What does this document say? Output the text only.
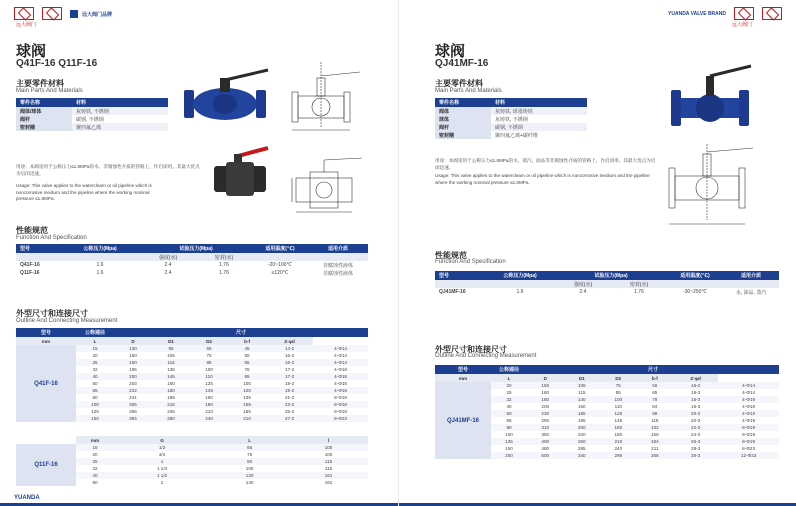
远大阀门
远大阀门品牌
球阀
Q41F-16 Q11F-16
主要零件材料
Main Parts And Materials
零件名称	材料
阀体/球体	灰铸铁, 不锈钢
阀杆	碳钢, 不锈钢
密封圈	聚四氟乙烯
用途：本阀适用于公称压力≤1.6MPa的水、非腐蚀性介质的管路上，作启闭用。其最大优点为启闭迅速。
Usage: This valve applies to the watercleam or oil pipeline which is noncorrosive medium and the pipeline where the working nominal pressure ≤1.6MPa.
性能规范
Function And Specification
型号	公称压力(Mpa)	试验压力(Mpa)		适用温度(℃)	适用介质
		强度(水)	密封(水)		
Q41F-16	1.6	2.4	1.76	-20~100℃	非腐蚀性液体
Q11F-16	1.6	2.4	1.76	≤120℃	非腐蚀性液体
外型尺寸和连接尺寸
Outline And Connecting Measurement
型号	公称通径	尺寸					
mm	L	D	D1	D2	b-f	Z-φd	
Q41F-16	15	130	95	65	45	14-2	4-Φ14
	20	150	105	75	55	16-2	4-Φ14
	25	160	115	85	65	16-2	4-Φ14
	32	165	135	100	78	17-2	4-Φ18
	40	200	145	110	85	17-2	4-Φ18
	50	203	160	125	100	19-2	4-Φ18
	65	222	180	145	120	19-2	4-Φ18
	80	241	195	160	135	21-2	8-Φ18
	100	305	215	180	155	23-2	8-Φ18
	125	356	245	210	185	25-2	8-Φ18
	150	394	280	240	210	27-2	8-Φ23
	mm	G	L	l
Q11F-16	15	1/2	65	100
	20	3/4	75	100
	25	1	90	115
	32	1 1/4	105	115
	40	1 1/2	120	161
	50	2	140	161
YUANDA
YUANDA VALVE BRAND
远大阀门
球阀
QJ41MF-16
主要零件材料
Main Parts And Materials
零件名称	材料
阀体	灰铸铁, 球墨铸铁
球体	灰铸铁, 不锈钢
阀杆	碳钢, 不锈钢
密封圈	聚四氟乙烯+碳纤维
用途：本阀适用于公称压力≤1.6MPa的水、蒸汽、油品等非腐蚀性介质的管路上，作启闭用。其最大优点为启闭迅速。
Usage: This valve applies to the watercleam or oil pipeline which is noncorrosive medium and the pipeline where the working nominal pressure ≤1.6MPa.
性能规范
Function And Specification
型号	公称压力(Mpa)	试验压力(Mpa)		适用温度(℃)	适用介质
		强度(水)	密封(水)		
QJ41MF-16	1.6	2.4	1.76	-30~250℃	水, 油品, 蒸汽
外型尺寸和连接尺寸
Outline And Connecting Measurement
型号	公称通径	尺寸					
mm	L	D	D1	D2	b-f	Z-φd	
QJ41MF-16	20	150	105	75	56	16-2	4-Φ14
	25	160	115	85	65	16-3	4-Φ14
	32	180	140	100	78	16-3	4-Φ19
	40	200	150	110	84	16-3	4-Φ19
	50	230	165	125	99	20-3	4-Φ19
	65	290	185	145	118	20-3	4-Φ19
	80	310	200	160	132	22-3	8-Φ19
	100	350	220	180	156	24-3	8-Φ19
	125	400	250	210	184	26-3	8-Φ19
	150	480	285	240	211	28-3	8-Φ23
	200	600	340	295	266	30-3	12-Φ23
